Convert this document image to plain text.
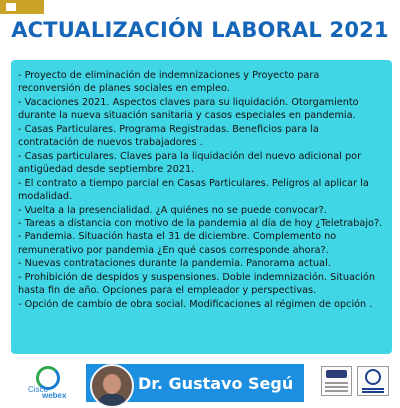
ACTUALIZACIÓN LABORAL 2021

- Proyecto de eliminación de indemnizaciones y Proyecto para

reconversión de planes sociales en empleo.

- Vacaciones 2021. Aspectos claves para su liquidación. Otorgamiento

durante la nueva situación sanitaria y casos especiales en pandemia.

- Casas Particulares. Programa Registradas. Beneficios para la

contratación de nuevos trabajadores .

- Casas particulares. Claves para la liquidación del nuevo adicional por

antigüedad desde septiembre 2021.

- El contrato a tiempo parcial en Casas Particulares. Peligros al aplicar la

modalidad.

- Vuelta a la presencialidad. ¿A quiénes no se puede convocar?.

- Tareas a distancia con motivo de la pandemia al día de hoy ¿Teletrabajo?.

- Pandemia. Situación hasta el 31 de diciembre. Complemento no

remunerativo por pandemia ¿En qué casos corresponde ahora?.

- Nuevas contrataciones durante la pandemia. Panorama actual.

- Prohibición de despidos y suspensiones. Doble indemnización. Situación

hasta fin de año. Opciones para el empleador y perspectivas.

- Opción de cambio de obra social. Modificaciones al régimen de opción .

Cisco
webex
Dr. Gustavo Segú
